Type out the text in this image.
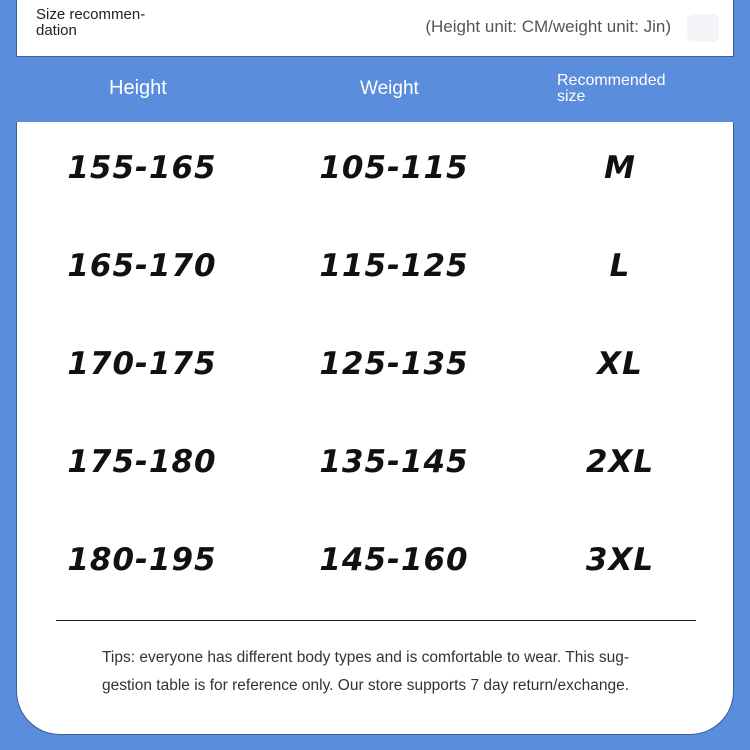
Size recommen-dation	(Height unit: CM/weight unit: Jin)
Height	Weight	Recommended size
155-165	105-115	M
165-170	115-125	L
170-175	125-135	XL
175-180	135-145	2XL
180-195	145-160	3XL
Tips: everyone has different body types and is comfortable to wear. This sug-gestion table is for reference only. Our store supports 7 day return/exchange.
